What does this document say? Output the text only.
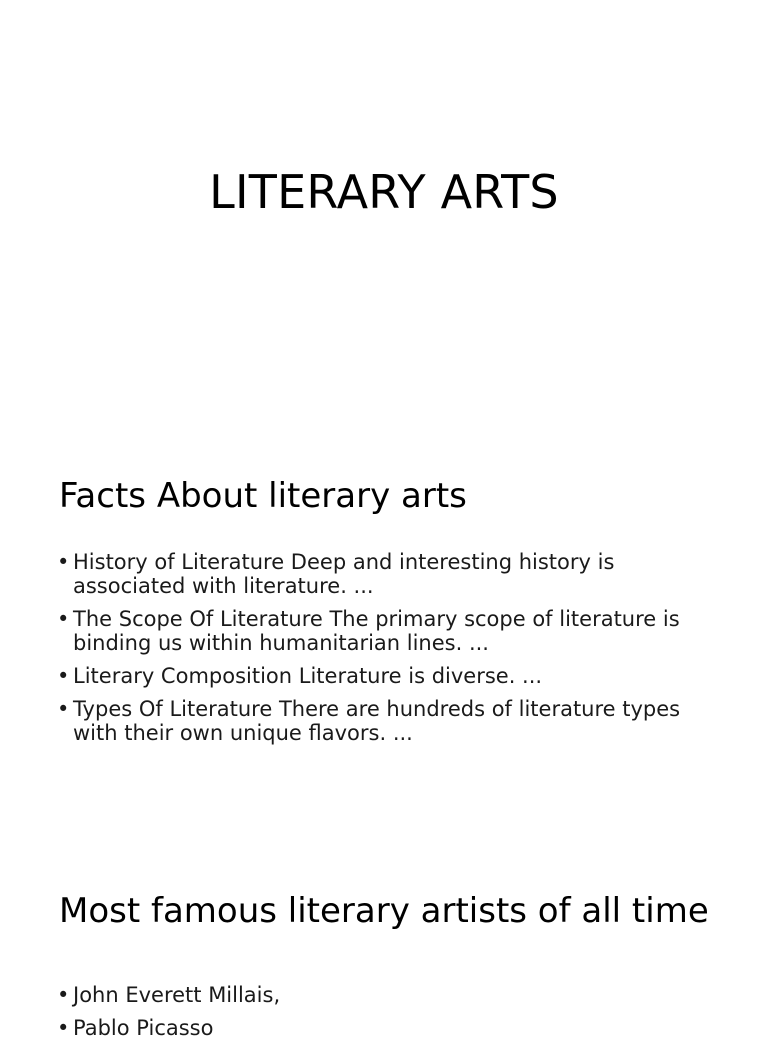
LITERARY ARTS
Facts About literary arts
• History of Literature Deep and interesting history is associated with literature. ...
• The Scope Of Literature The primary scope of literature is binding us within humanitarian lines. ...
• Literary Composition Literature is diverse. ...
• Types Of Literature There are hundreds of literature types with their own unique flavors. ...
Most famous literary artists of all time
• John Everett Millais,
• Pablo Picasso
